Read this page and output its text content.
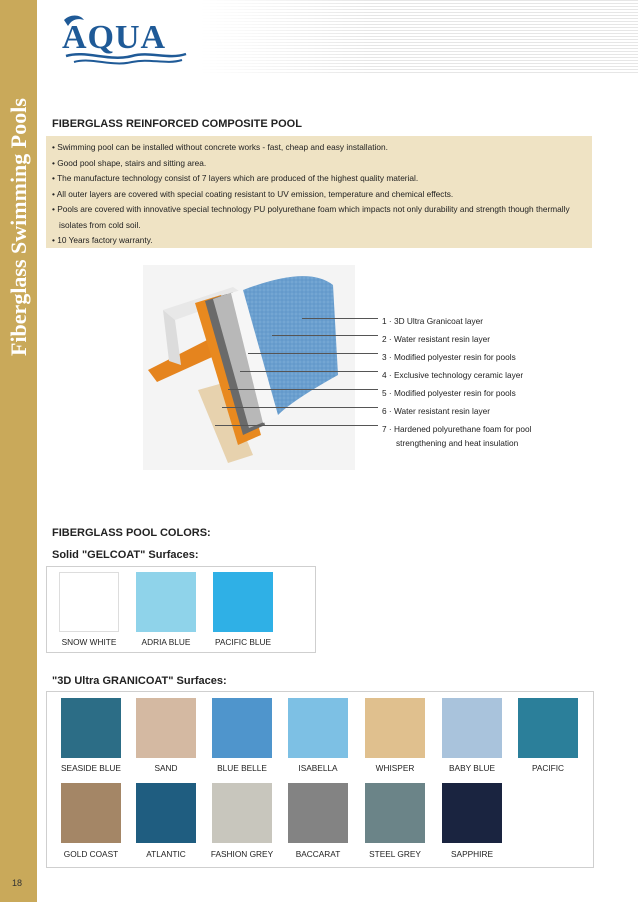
Fiberglass Swimming Pools
18
AQUA
FIBERGLASS REINFORCED COMPOSITE POOL
• Swimming pool can be installed without concrete works - fast, cheap and easy installation.
• Good pool shape, stairs and sitting area.
• The manufacture technology consist of 7 layers which are produced of the highest quality material.
• All outer layers are covered with special coating resistant to UV emission, temperature and chemical effects.
• Pools are covered with innovative special technology PU polyurethane foam which impacts not only durability and strength though thermally isolates from cold soil.
• 10 Years factory warranty.
1 · 3D Ultra Granicoat layer
2 · Water resistant resin layer
3 · Modified polyester resin for pools
4 · Exclusive technology ceramic layer
5 · Modified polyester resin for pools
6 · Water resistant resin layer
7 · Hardened polyurethane foam for pool
strengthening and heat insulation
FIBERGLASS POOL COLORS:
Solid "GELCOAT" Surfaces:
SNOW WHITE	ADRIA BLUE	PACIFIC BLUE
"3D Ultra GRANICOAT" Surfaces:
SEASIDE BLUE	SAND	BLUE BELLE	ISABELLA	WHISPER	BABY BLUE	PACIFIC
GOLD COAST	ATLANTIC	FASHION GREY	BACCARAT	STEEL GREY	SAPPHIRE
